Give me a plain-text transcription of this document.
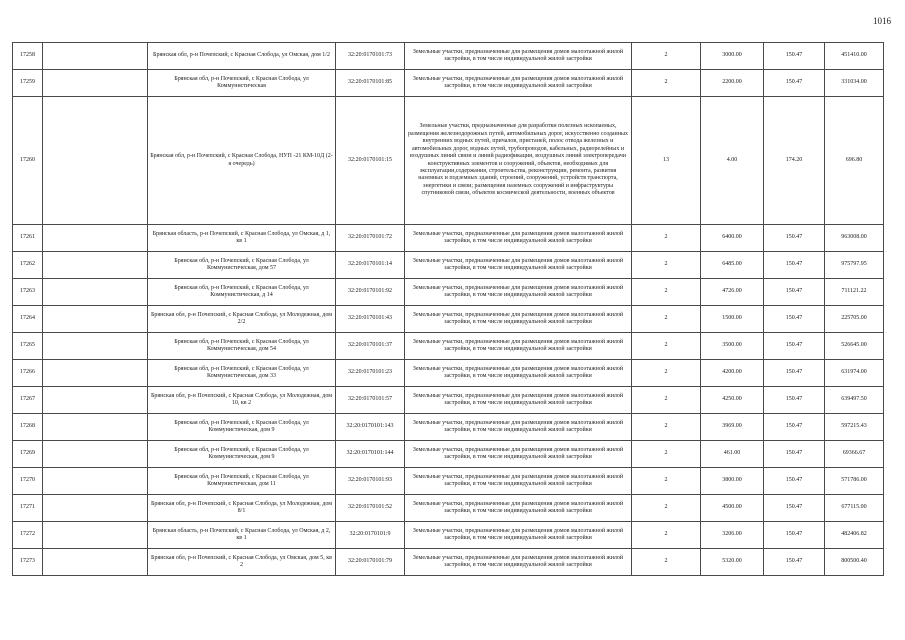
1016
17258		Брянская обл, р-н Почепский, с Красная Слобода, ул Омская, дом 1/2	32:20:0170101:73	Земельные участки, предназначенные для размещения домов малоэтажной жилой застройки, в том числе индивидуальной жилой застройки	2	3000.00	150.47	451410.00
17259		Брянская обл, р-н Почепский, с Красная Слобода, ул Коммунистическая	32:20:0170101:85	Земельные участки, предназначенные для размещения домов малоэтажной жилой застройки, в том числе индивидуальной жилой застройки	2	2200.00	150.47	331034.00
17260		Брянская обл, р-н Почепский, с Красная Слобода, НУП -21 КМ-10Д (2-я очередь)	32:20:0170101:15	Земельные участки, предназначенные для разработки полезных ископаемых, размещения железнодорожных путей, автомобильных дорог, искусственно созданных внутренних водных путей, причалов, пристаней, полос отвода железных и автомобильных дорог, водных путей, трубопроводов, кабельных, радиорелейных и воздушных линий связи и линий радиофикации, воздушных линий электропередачи конструктивных элементов и сооружений, объектов, необходимых для эксплуатации,содержания, строительства, реконструкции, ремонта, развития наземных и подземных зданий, строений, сооружений, устройств транспорта, энергетики и связи; размещения наземных сооружений и инфраструктуры спутниковой связи, объектов космической деятельности, военных объектов	13	4.00	174.20	696.80
17261		Брянская область, р-н Почепский, с Красная Слобода, ул Омская, д 1, кв 1	32:20:0170101:72	Земельные участки, предназначенные для размещения домов малоэтажной жилой застройки, в том числе индивидуальной жилой застройки	2	6400.00	150.47	963008.00
17262		Брянская обл, р-н Почепский, с Красная Слобода, ул Коммунистическая, дом 57	32:20:0170101:14	Земельные участки, предназначенные для размещения домов малоэтажной жилой застройки, в том числе индивидуальной жилой застройки	2	6485.00	150.47	975797.95
17263		Брянская обл, р-н Почепский, с Красная Слобода, ул Коммунистическая, д 14	32:20:0170101:92	Земельные участки, предназначенные для размещения домов малоэтажной жилой застройки, в том числе индивидуальной жилой застройки	2	4726.00	150.47	711121.22
17264		Брянская обл, р-н Почепский, с Красная Слобода, ул Молодежная, дом 2/2	32:20:0170101:43	Земельные участки, предназначенные для размещения домов малоэтажной жилой застройки, в том числе индивидуальной жилой застройки	2	1500.00	150.47	225705.00
17265		Брянская обл, р-н Почепский, с Красная Слобода, ул Коммунистическая, дом 54	32:20:0170101:37	Земельные участки, предназначенные для размещения домов малоэтажной жилой застройки, в том числе индивидуальной жилой застройки	2	3500.00	150.47	526645.00
17266		Брянская обл, р-н Почепский, с Красная Слобода, ул Коммунистическая, дом 33	32:20:0170101:23	Земельные участки, предназначенные для размещения домов малоэтажной жилой застройки, в том числе индивидуальной жилой застройки	2	4200.00	150.47	631974.00
17267		Брянская обл, р-н Почепский, с Красная Слобода, ул Молодежная, дом 10, кв 2	32:20:0170101:57	Земельные участки, предназначенные для размещения домов малоэтажной жилой застройки, в том числе индивидуальной жилой застройки	2	4250.00	150.47	639497.50
17268		Брянская обл, р-н Почепский, с Красная Слобода, ул Коммунистическая, дом 9	32:20:0170101:143	Земельные участки, предназначенные для размещения домов малоэтажной жилой застройки, в том числе индивидуальной жилой застройки	2	3969.00	150.47	597215.43
17269		Брянская обл, р-н Почепский, с Красная Слобода, ул Коммунистическая, дом 9	32:20:0170101:144	Земельные участки, предназначенные для размещения домов малоэтажной жилой застройки, в том числе индивидуальной жилой застройки	2	461.00	150.47	69366.67
17270		Брянская обл, р-н Почепский, с Красная Слобода, ул Коммунистическая, дом 11	32:20:0170101:93	Земельные участки, предназначенные для размещения домов малоэтажной жилой застройки, в том числе индивидуальной жилой застройки	2	3800.00	150.47	571786.00
17271		Брянская обл, р-н Почепский, с Красная Слобода, ул Молодежная, дом 8/1	32:20:0170101:52	Земельные участки, предназначенные для размещения домов малоэтажной жилой застройки, в том числе индивидуальной жилой застройки	2	4500.00	150.47	677115.00
17272		Брянская область, р-н Почепский, с Красная Слобода, ул Омская, д 2, кв 1	32:20:0170101:9	Земельные участки, предназначенные для размещения домов малоэтажной жилой застройки, в том числе индивидуальной жилой застройки	2	3206.00	150.47	482406.82
17273		Брянская обл, р-н Почепский, с Красная Слобода, ул Омская, дом 5, кв 2	32:20:0170101:79	Земельные участки, предназначенные для размещения домов малоэтажной жилой застройки, в том числе индивидуальной жилой застройки	2	5320.00	150.47	800500.40
